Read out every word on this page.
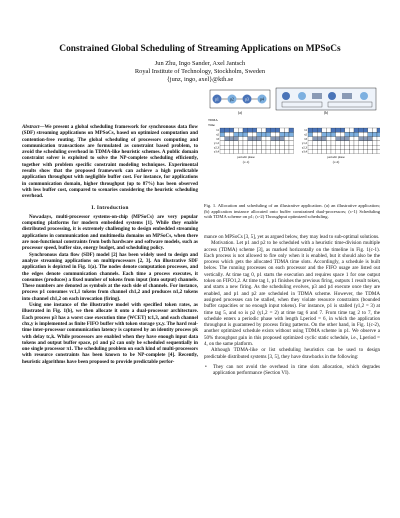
Constrained Global Scheduling of Streaming Applications on MPSoCs
Jun Zhu, Ingo Sander, Axel Jantsch
Royal Institute of Technology, Stockholm, Sweden
{junz, ingo, axel}@kth.se

Abstract—We present a global scheduling framework for synchronous data flow (SDF) streaming applications on MPSoCs, based on optimized computation and contention-free routing. The global scheduling of processors computing and communication transactions are formulated as constraint based problem, to avoid the scheduling overhead in TDMA-like heuristic schemes. A public domain constraint solver is exploited to solve the NP-complete scheduling efficiently, together with problem specific constraint modeling techniques. Experimental results show that the proposed framework can achieve a high predictable application throughput with negligible buffer cost. For instance, for applications in communication domain, higher throughput (up to 87%) has been observed with less buffer cost, compared to scenaries considering the heuristic scheduling overhead.

I. Introduction

Nowadays, multi-processor systems-on-chip (MPSoCs) are very popular computing platforms for modern embedded systems [1]. While they enable distributed processing, it is extremely challenging to design embedded streaming applications in communication and multimedia domains on MPSoCs, when there are non-functional constraints from both hardware and software models, such as processor speed, buffer size, energy budget, and scheduling policy.

Synchronous data flow (SDF) model [2] has been widely used to design and analyze streaming applications on multiprocessors [2, 3]. An illustrative SDF application is depicted in Fig. 1(a). The nodes denote computation processes, and the edges denote communication channels. Each time a process executes, it consumes (produces) a fixed number of tokens from input (into output) channels. These numbers are denoted as symbols at the each side of channels. For instance, process p1 consumes vc1,1 tokens from channel ch1,2 and produces n1,2 tokens into channel ch1,2 on each invocation (firing).

Using one instance of the illustrative model with specified token rates, as illustrated in Fig. 1(b), we then allocate it onto a dual-processor architecture. Each process p3 has a worst case execution time (WCET) tc1,3, and each channel chx,y is implemented as finite FIFO buffer with token storage γx,y. The hard real-time inter-processor communication latency is captured by an identity process pk with delay tc,k. While processors are enabled when they have enough input data tokens and output buffer space, p1 and p2 can only be scheduled sequentially in one single processor π1. The scheduling problem on such kind of multi-processors with resource constraints has been known to be NP-complete [4]. Recently, heuristic algorithms have been proposed to provide predictable perfor-

p1	p2	p3	p4
(a)	(b)
TDMA
Time
π1
π2
π3
γ1,2
γ2,3
γ3,4
periodic phase
(c-1)
π1
π2
π3
γ1,2
γ2,3
γ3,4
periodic phase
(c-2)
Fig. 1. Allocation and scheduling of an illustrative application. (a) an illustrative application; (b) application instance allocated onto buffer constrained dual-processors; (c-1) Scheduling with TDMA scheme on p1; (c-2) Throughput optimized scheduling.

mance on MPSoCs [3, 5], yet as argued below, they may lead to sub-optimal solutions.

Motivation. Let p1 and p2 to be scheduled with a heuristic time-division multiple access (TDMA) scheme [3], as marked horizontally on the timeline in Fig. 1(c-1). Each process is not allowed to fire only when it is enabled, but it should also be the process which gets the allocated TDMA time slots. Accordingly, a schedule is built below. The running processes on each processor and the FIFO usage are listed out vertically. At time tag 0, p1 starts the execution and requires space 1 for one output token on FIFO1,2. At time tag 1, p1 finishes the previous firing, outputs 1 result token, and starts a new firing. As the scheduling evolves, p3 and p4 execute once they are enabled, and p1 and p2 are scheduled in TDMA scheme. However, the TDMA assigned processes can be stalled, when they violate resource constraints (bounded buffer capacities or no enough input tokens). For instance, p1 is stalled (γ1,2 = 3) at time tag 5, and so is p2 (γ1,2 = 2) at time tag 6 and 7. From time tag 2 to 7, the schedule enters a periodic phase with length Lperiod = 6, in which the application throughput is guaranteed by process firing patterns. On the other hand, in Fig. 1(c-2), another optimized schedule exists without using TDMA scheme in p1. We observe a 50% throughput gain in this proposed optimized cyclic static schedule, i.e., Lperiod = 4, on the same platform.

Although TDMA-like or list scheduling heuristics can be used to design predictable distributed systems [3, 5], they have drawbacks in the following:

• They can not avoid the overhead in time slots allocation, which degrades application performance (Section VI).
